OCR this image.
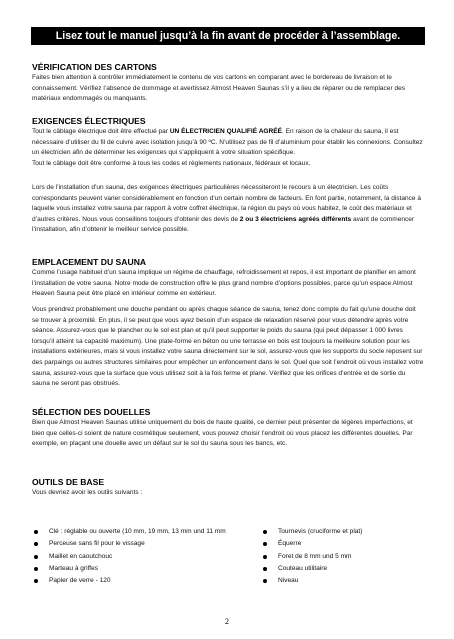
Lisez tout le manuel jusqu’à la fin avant de procéder à l’assemblage.
VÉRIFICATION DES CARTONS

Faites bien attention à contrôler immédiatement le contenu de vos cartons en comparant avec le bordereau de livraison et le connaissement. Vérifiez l’absence de dommage et avertissez Almost Heaven Saunas s’il y a lieu de réparer ou de remplacer des matériaux endommagés ou manquants.

EXIGENCES ÉLECTRIQUES

Tout le câblage électrique doit être effectué par UN ÉLECTRICIEN QUALIFIÉ AGRÉÉ. En raison de la chaleur du sauna, il est nécessaire d’utiliser du fil de cuivre avec isolation jusqu’à 90 ºC. N’utilisez pas de fil d’aluminium pour établir les connexions. Consultez un électricien afin de déterminer les exigences qui s’appliquent à votre situation spécifique.
Tout le câblage doit être conforme à tous les codes et règlements nationaux, fédéraux et locaux.

Lors de l’installation d’un sauna, des exigences électriques particulières nécessiteront le recours à un électricien. Les coûts correspondants peuvent varier considérablement en fonction d’un certain nombre de facteurs. En font partie, notamment, la distance à laquelle vous installez votre sauna par rapport à votre coffret électrique, la région du pays où vous habitez, le coût des matériaux et d’autres critères. Nous vous conseillons toujours d’obtenir des devis de 2 ou 3 électriciens agréés différents avant de commencer l’installation, afin d’obtenir le meilleur service possible.

EMPLACEMENT DU SAUNA

Comme l’usage habituel d’un sauna implique un régime de chauffage, refroidissement et repos, il est important de planifier en amont l’installation de votre sauna. Notre mode de construction offre le plus grand nombre d’options possibles, parce qu’un espace Almost Heaven Sauna peut être placé en intérieur comme en extérieur.

Vous prendrez probablement une douche pendant ou après chaque séance de sauna, tenez donc compte du fait qu’une douche doit se trouver à proximité. En plus, il se peut que vous ayez besoin d’un espace de relaxation réservé pour vous détendre après votre séance. Assurez-vous que le plancher ou le sol est plan et qu’il peut supporter le poids du sauna (qui peut dépasser 1 000 livres lorsqu’il atteint sa capacité maximum). Une plate-forme en béton ou une terrasse en bois est toujours la meilleure solution pour les installations extérieures, mais si vous installez votre sauna directement sur le sol, assurez-vous que les supports du socle reposent sur des parpaings ou autres structures similaires pour empêcher un enfoncement dans le sol. Quel que soit l’endroit où vous installez votre sauna, assurez-vous que la surface que vous utilisez soit à la fois ferme et plane. Vérifiez que les orifices d’entrée et de sortie du sauna ne seront pas obstrués.

SÉLECTION DES DOUELLES

Bien que Almost Heaven Saunas utilise uniquement du bois de haute qualité, ce dernier peut présenter de légères imperfections, et bien que celles-ci soient de nature cosmétique seulement, vous pouvez choisir l’endroit où vous placez les différentes douelles. Par exemple, en plaçant une douelle avec un défaut sur le sol du sauna sous les bancs, etc.

OUTILS DE BASE

Vous devriez avoir les outils suivants :

Clé : réglable ou ouverte (10 mm, 19 mm, 13 mm und 11 mm
Perceuse sans fil pour le vissage
Maillet en caoutchouc
Marteau à griffes
Papier de verre - 120
Tournevis (cruciforme et plat)
Équerre
Foret de 8 mm und 5 mm
Couteau utilitaire
Niveau
2
